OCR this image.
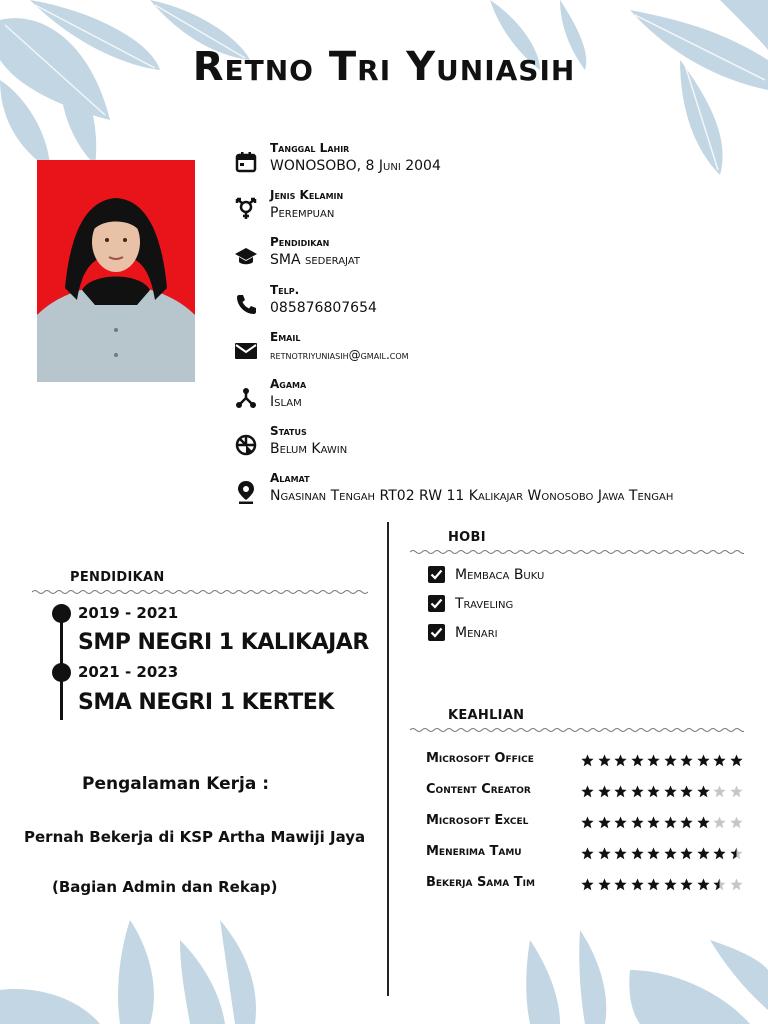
Retno Tri Yuniasih
Tanggal Lahir
WONOSOBO, 8 Juni 2004
Jenis Kelamin
Perempuan
Pendidikan
SMA sederajat
Telp.
085876807654
Email
retnotriyuniasih@gmail.com
Agama
Islam
Status
Belum Kawin
Alamat
Ngasinan Tengah RT02 RW 11 Kalikajar Wonosobo Jawa Tengah
PENDIDIKAN
2019 - 2021
SMP NEGRI 1 KALIKAJAR
2021 - 2023
SMA NEGRI 1 KERTEK
Pengalaman Kerja :
Pernah Bekerja di KSP Artha Mawiji Jaya
(Bagian Admin dan Rekap)
HOBI
Membaca Buku
Traveling
Menari
KEAHLIAN
Microsoft Office
Content Creator
Microsoft Excel
Menerima Tamu
Bekerja Sama Tim
